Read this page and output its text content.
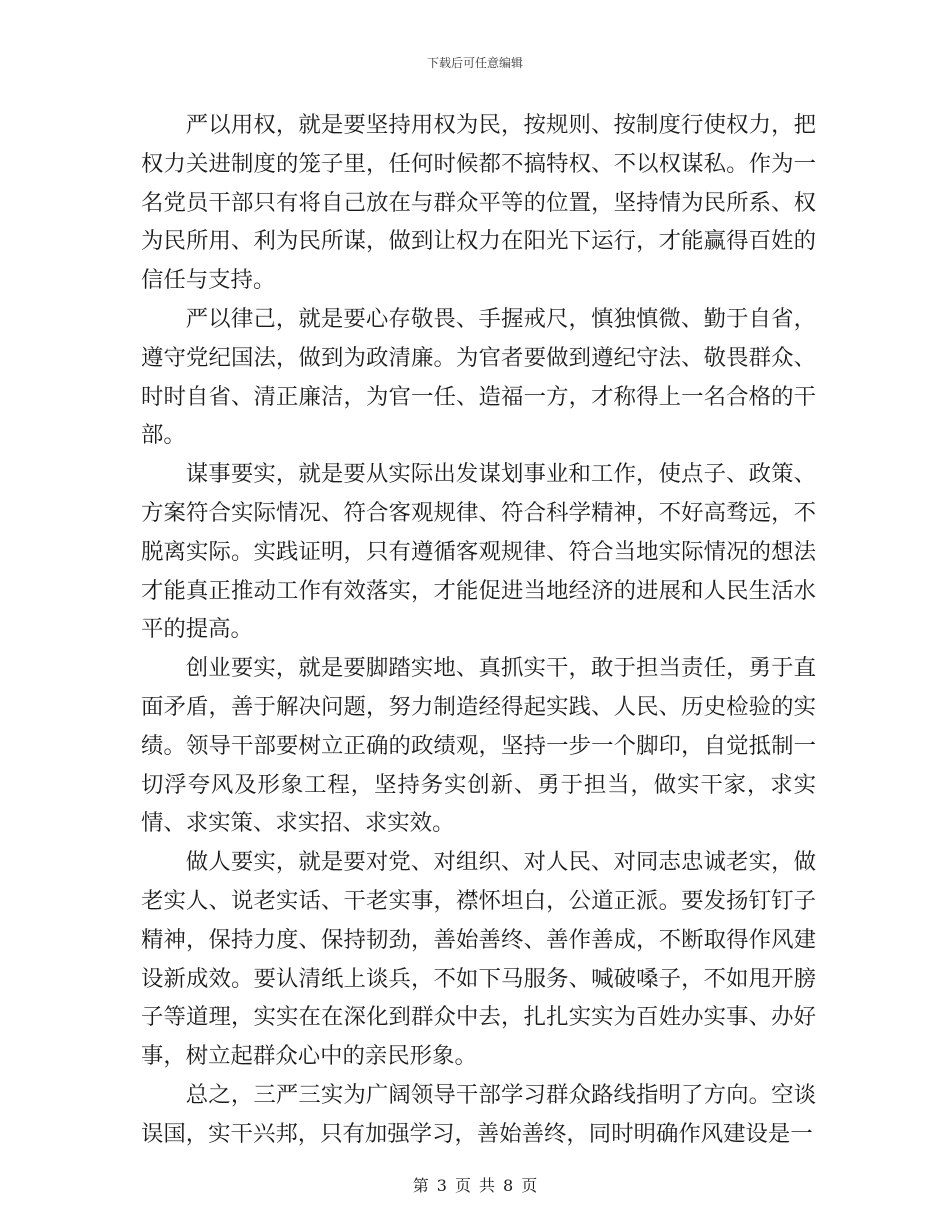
下载后可任意编辑

严以用权，就是要坚持用权为民，按规则、按制度行使权力，把权力关进制度的笼子里，任何时候都不搞特权、不以权谋私。作为一名党员干部只有将自己放在与群众平等的位置，坚持情为民所系、权为民所用、利为民所谋，做到让权力在阳光下运行，才能赢得百姓的信任与支持。

严以律己，就是要心存敬畏、手握戒尺，慎独慎微、勤于自省，遵守党纪国法，做到为政清廉。为官者要做到遵纪守法、敬畏群众、时时自省、清正廉洁，为官一任、造福一方，才称得上一名合格的干部。

谋事要实，就是要从实际出发谋划事业和工作，使点子、政策、方案符合实际情况、符合客观规律、符合科学精神，不好高骛远，不脱离实际。实践证明，只有遵循客观规律、符合当地实际情况的想法才能真正推动工作有效落实，才能促进当地经济的进展和人民生活水平的提高。

创业要实，就是要脚踏实地、真抓实干，敢于担当责任，勇于直面矛盾，善于解决问题，努力制造经得起实践、人民、历史检验的实绩。领导干部要树立正确的政绩观，坚持一步一个脚印，自觉抵制一切浮夸风及形象工程，坚持务实创新、勇于担当，做实干家，求实情、求实策、求实招、求实效。

做人要实，就是要对党、对组织、对人民、对同志忠诚老实，做老实人、说老实话、干老实事，襟怀坦白，公道正派。要发扬钉钉子精神，保持力度、保持韧劲，善始善终、善作善成，不断取得作风建设新成效。要认清纸上谈兵，不如下马服务、喊破嗓子，不如甩开膀子等道理，实实在在深化到群众中去，扎扎实实为百姓办实事、办好事，树立起群众心中的亲民形象。

总之，三严三实为广阔领导干部学习群众路线指明了方向。空谈误国，实干兴邦，只有加强学习，善始善终，同时明确作风建设是一

第 3 页 共 8 页
